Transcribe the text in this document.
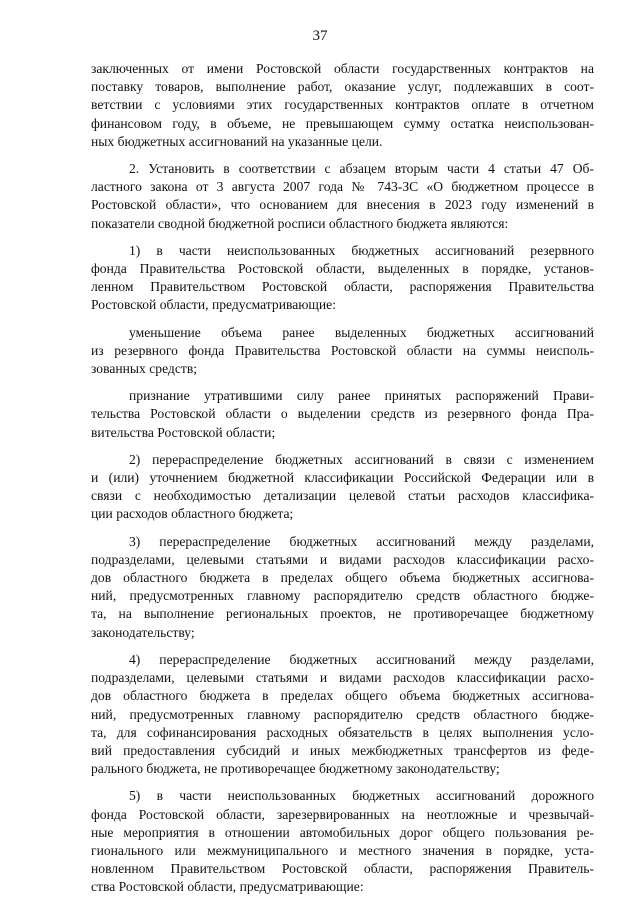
37
заключенных от имени Ростовской области государственных контрактов на
поставку товаров, выполнение работ, оказание услуг, подлежавших в соот-
ветствии с условиями этих государственных контрактов оплате в отчетном
финансовом году, в объеме, не превышающем сумму остатка неиспользован-
ных бюджетных ассигнований на указанные цели.
2. Установить в соответствии с абзацем вторым части 4 статьи 47 Об-
ластного закона от 3 августа 2007 года № 743-ЗС «О бюджетном процессе в
Ростовской области», что основанием для внесения в 2023 году изменений в
показатели сводной бюджетной росписи областного бюджета являются:
1) в части неиспользованных бюджетных ассигнований резервного
фонда Правительства Ростовской области, выделенных в порядке, установ-
ленном Правительством Ростовской области, распоряжения Правительства
Ростовской области, предусматривающие:
уменьшение объема ранее выделенных бюджетных ассигнований
из резервного фонда Правительства Ростовской области на суммы неисполь-
зованных средств;
признание утратившими силу ранее принятых распоряжений Прави-
тельства Ростовской области о выделении средств из резервного фонда Пра-
вительства Ростовской области;
2) перераспределение бюджетных ассигнований в связи с изменением
и (или) уточнением бюджетной классификации Российской Федерации или в
связи с необходимостью детализации целевой статьи расходов классифика-
ции расходов областного бюджета;
3) перераспределение бюджетных ассигнований между разделами,
подразделами, целевыми статьями и видами расходов классификации расхо-
дов областного бюджета в пределах общего объема бюджетных ассигнова-
ний, предусмотренных главному распорядителю средств областного бюдже-
та, на выполнение региональных проектов, не противоречащее бюджетному
законодательству;
4) перераспределение бюджетных ассигнований между разделами,
подразделами, целевыми статьями и видами расходов классификации расхо-
дов областного бюджета в пределах общего объема бюджетных ассигнова-
ний, предусмотренных главному распорядителю средств областного бюдже-
та, для софинансирования расходных обязательств в целях выполнения усло-
вий предоставления субсидий и иных межбюджетных трансфертов из феде-
рального бюджета, не противоречащее бюджетному законодательству;
5) в части неиспользованных бюджетных ассигнований дорожного
фонда Ростовской области, зарезервированных на неотложные и чрезвычай-
ные мероприятия в отношении автомобильных дорог общего пользования ре-
гионального или межмуниципального и местного значения в порядке, уста-
новленном Правительством Ростовской области, распоряжения Правитель-
ства Ростовской области, предусматривающие:
